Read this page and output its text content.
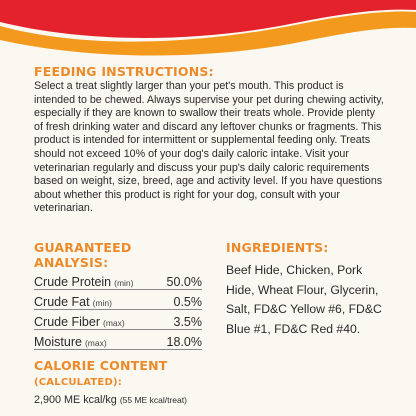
FEEDING INSTRUCTIONS:
Select a treat slightly larger than your pet's mouth. This product is intended to be chewed. Always supervise your pet during chewing activity, especially if they are known to swallow their treats whole. Provide plenty of fresh drinking water and discard any leftover chunks or fragments. This product is intended for intermittent or supplemental feeding only. Treats should not exceed 10% of your dog's daily caloric intake. Visit your veterinarian regularly and discuss your pup's daily caloric requirements based on weight, size, breed, age and activity level. If you have questions about whether this product is right for your dog, consult with your veterinarian.
GUARANTEED ANALYSIS:
Crude Protein (min)	50.0%
Crude Fat (min)	0.5%
Crude Fiber (max)	3.5%
Moisture (max)	18.0%
CALORIE CONTENT (CALCULATED):
2,900 ME kcal/kg (55 ME kcal/treat)
INGREDIENTS:
Beef Hide, Chicken, Pork Hide, Wheat Flour, Glycerin, Salt, FD&C Yellow #6, FD&C Blue #1, FD&C Red #40.
